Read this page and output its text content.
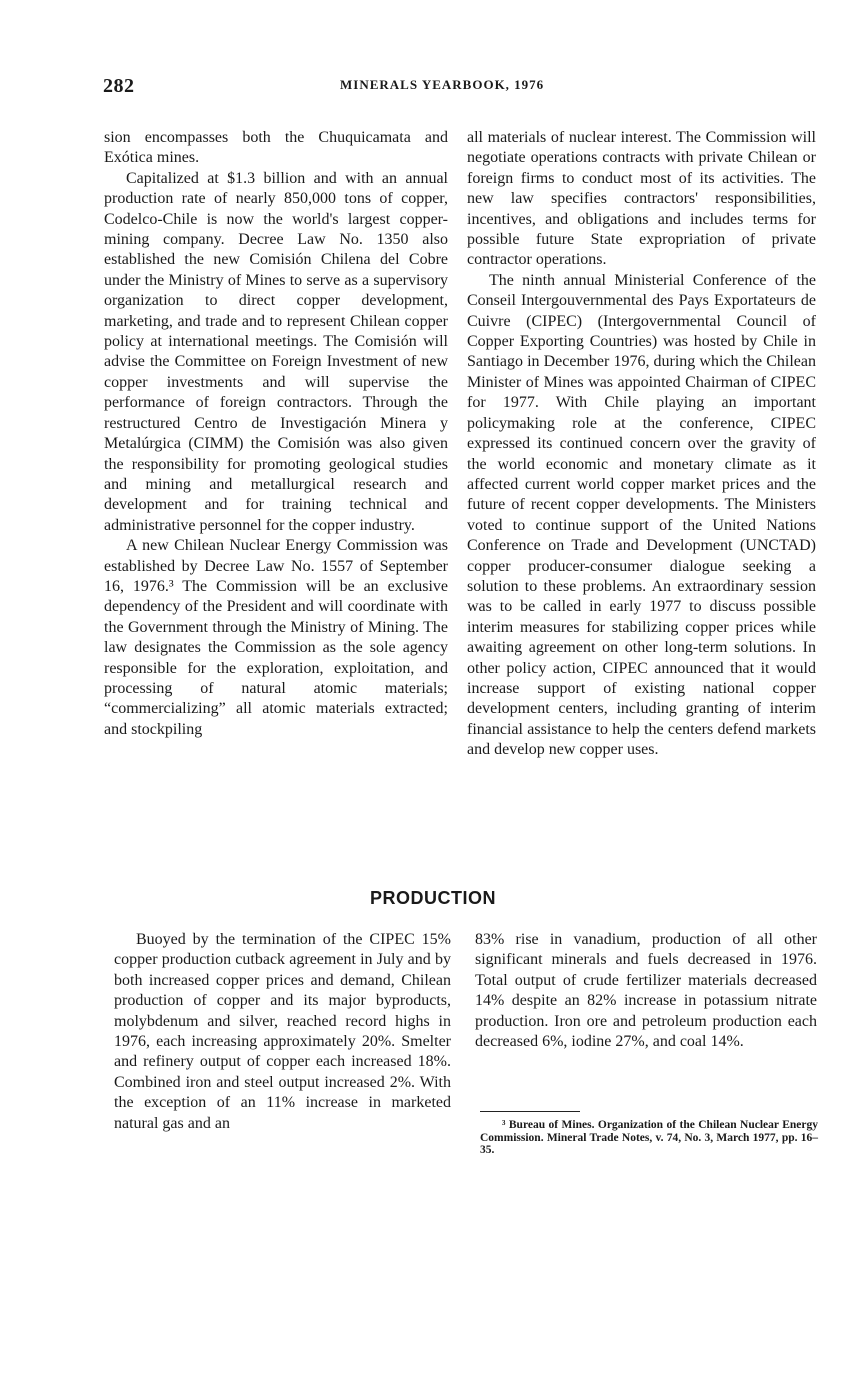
282	MINERALS YEARBOOK, 1976

sion encompasses both the Chuquicamata and Exótica mines.

Capitalized at $1.3 billion and with an annual production rate of nearly 850,000 tons of copper, Codelco-Chile is now the world's largest copper-mining company. Decree Law No. 1350 also established the new Comisión Chilena del Cobre under the Ministry of Mines to serve as a supervisory organization to direct copper development, marketing, and trade and to represent Chilean copper policy at international meetings. The Comisión will advise the Committee on Foreign Investment of new copper investments and will supervise the performance of foreign contractors. Through the restructured Centro de Investigación Minera y Metalúrgica (CIMM) the Comisión was also given the responsibility for promoting geological studies and mining and metallurgical research and development and for training technical and administrative personnel for the copper industry.

A new Chilean Nuclear Energy Commission was established by Decree Law No. 1557 of September 16, 1976.³ The Commission will be an exclusive dependency of the President and will coordinate with the Government through the Ministry of Mining. The law designates the Commission as the sole agency responsible for the exploration, exploitation, and processing of natural atomic materials; “commercializing” all atomic materials extracted; and stockpiling

all materials of nuclear interest. The Commission will negotiate operations contracts with private Chilean or foreign firms to conduct most of its activities. The new law specifies contractors' responsibilities, incentives, and obligations and includes terms for possible future State expropriation of private contractor operations.

The ninth annual Ministerial Conference of the Conseil Intergouvernmental des Pays Exportateurs de Cuivre (CIPEC) (Intergovernmental Council of Copper Exporting Countries) was hosted by Chile in Santiago in December 1976, during which the Chilean Minister of Mines was appointed Chairman of CIPEC for 1977. With Chile playing an important policymaking role at the conference, CIPEC expressed its continued concern over the gravity of the world economic and monetary climate as it affected current world copper market prices and the future of recent copper developments. The Ministers voted to continue support of the United Nations Conference on Trade and Development (UNCTAD) copper producer-consumer dialogue seeking a solution to these problems. An extraordinary session was to be called in early 1977 to discuss possible interim measures for stabilizing copper prices while awaiting agreement on other long-term solutions. In other policy action, CIPEC announced that it would increase support of existing national copper development centers, including granting of interim financial assistance to help the centers defend markets and develop new copper uses.

PRODUCTION

Buoyed by the termination of the CIPEC 15% copper production cutback agreement in July and by both increased copper prices and demand, Chilean production of copper and its major byproducts, molybdenum and silver, reached record highs in 1976, each increasing approximately 20%. Smelter and refinery output of copper each increased 18%. Combined iron and steel output increased 2%. With the exception of an 11% increase in marketed natural gas and an

83% rise in vanadium, production of all other significant minerals and fuels decreased in 1976. Total output of crude fertilizer materials decreased 14% despite an 82% increase in potassium nitrate production. Iron ore and petroleum production each decreased 6%, iodine 27%, and coal 14%.

³ Bureau of Mines. Organization of the Chilean Nuclear Energy Commission. Mineral Trade Notes, v. 74, No. 3, March 1977, pp. 16–35.
